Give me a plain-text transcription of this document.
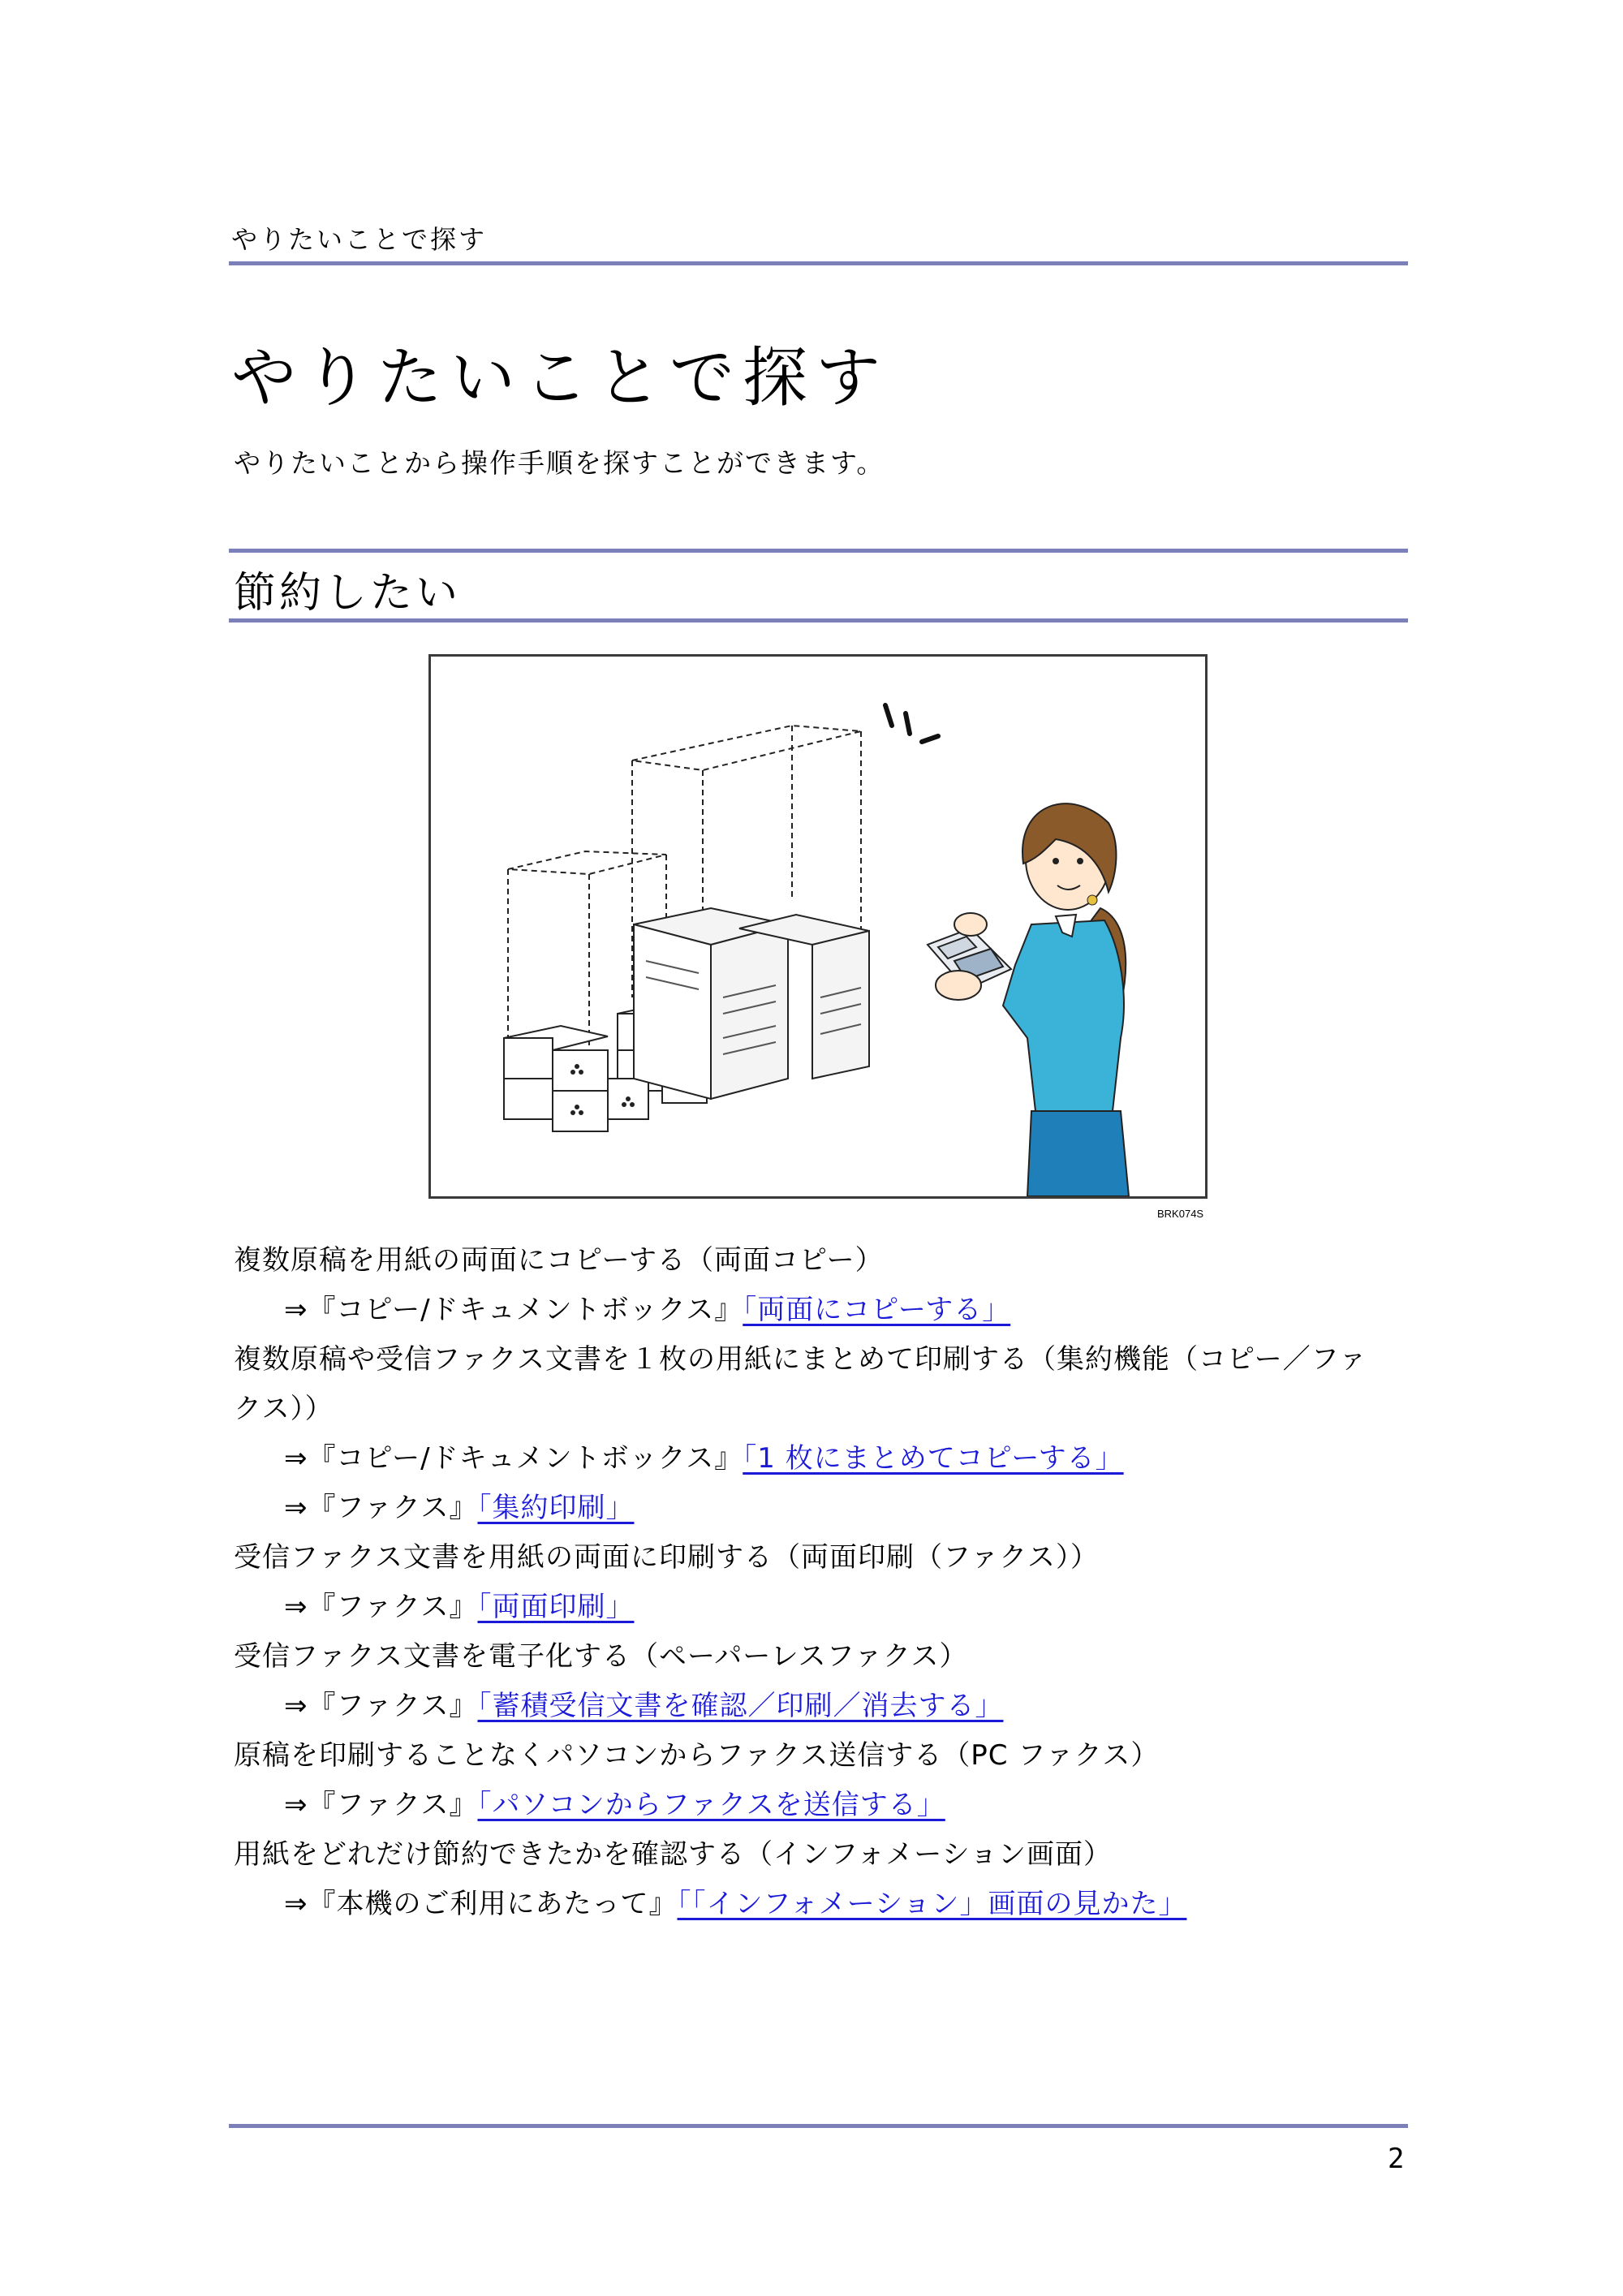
やりたいことで探す
やりたいことで探す
やりたいことから操作手順を探すことができます。
節約したい
BRK074S
複数原稿を用紙の両面にコピーする（両面コピー）
⇒『コピー/ドキュメントボックス』「両面にコピーする」
複数原稿や受信ファクス文書を１枚の用紙にまとめて印刷する（集約機能（コピー／ファクス））
⇒『コピー/ドキュメントボックス』「1 枚にまとめてコピーする」
⇒『ファクス』「集約印刷」
受信ファクス文書を用紙の両面に印刷する（両面印刷（ファクス））
⇒『ファクス』「両面印刷」
受信ファクス文書を電子化する（ペーパーレスファクス）
⇒『ファクス』「蓄積受信文書を確認／印刷／消去する」
原稿を印刷することなくパソコンからファクス送信する（PC ファクス）
⇒『ファクス』「パソコンからファクスを送信する」
用紙をどれだけ節約できたかを確認する（インフォメーション画面）
⇒『本機のご利用にあたって』「「インフォメーション」画面の見かた」
2
